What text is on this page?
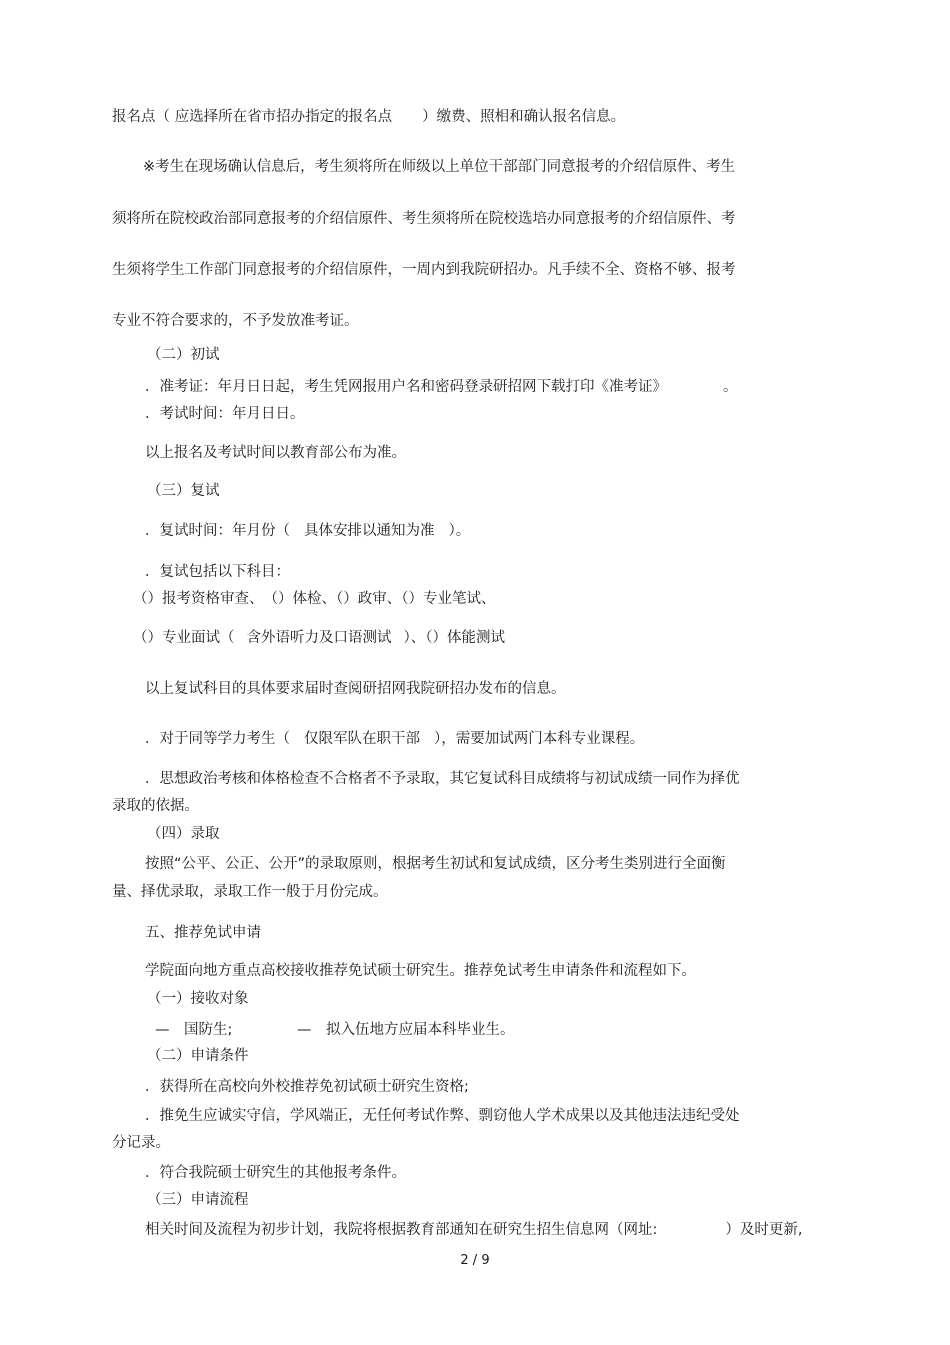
报名点（ 应选择所在省市招办指定的报名点 ）缴费、照相和确认报名信息。
※考生在现场确认信息后，考生须将所在师级以上单位干部部门同意报考的介绍信原件、考生
须将所在院校政治部同意报考的介绍信原件、考生须将所在院校选培办同意报考的介绍信原件、考
生须将学生工作部门同意报考的介绍信原件，一周内到我院研招办。凡手续不全、资格不够、报考
专业不符合要求的，不予发放准考证。
（二）初试
．准考证：年月日日起，考生凭网报用户名和密码登录研招网下载打印《准考证》	。
．考试时间：年月日日。
以上报名及考试时间以教育部公布为准。
（三）复试
．复试时间：年月份（ 具体安排以通知为准 ）。
．复试包括以下科目：
（）报考资格审查、　（）体检、（）政审、（）专业笔试、
（）专业面试（ 含外语听力及口语测试 ）、（）体能测试
以上复试科目的具体要求届时查阅研招网我院研招办发布的信息。
．对于同等学力考生（ 仅限军队在职干部 ），需要加试两门本科专业课程。
．思想政治考核和体格检查不合格者不予录取，其它复试科目成绩将与初试成绩一同作为择优
录取的依据。
（四）录取
按照“公平、公正、公开”的录取原则，根据考生初试和复试成绩，区分考生类别进行全面衡
量、择优录取，录取工作一般于月份完成。
五、推荐免试申请
学院面向地方重点高校接收推荐免试硕士研究生。推荐免试考生申请条件和流程如下。
（一）接收对象
—　国防生;	—　拟入伍地方应届本科毕业生。
（二）申请条件
．获得所在高校向外校推荐免初试硕士研究生资格;
．推免生应诚实守信，学风端正，无任何考试作弊、剽窃他人学术成果以及其他违法违纪受处
分记录。
．符合我院硕士研究生的其他报考条件。
（三）申请流程
相关时间及流程为初步计划，我院将根据教育部通知在研究生招生信息网（网址:	）及时更新,
2 / 9
